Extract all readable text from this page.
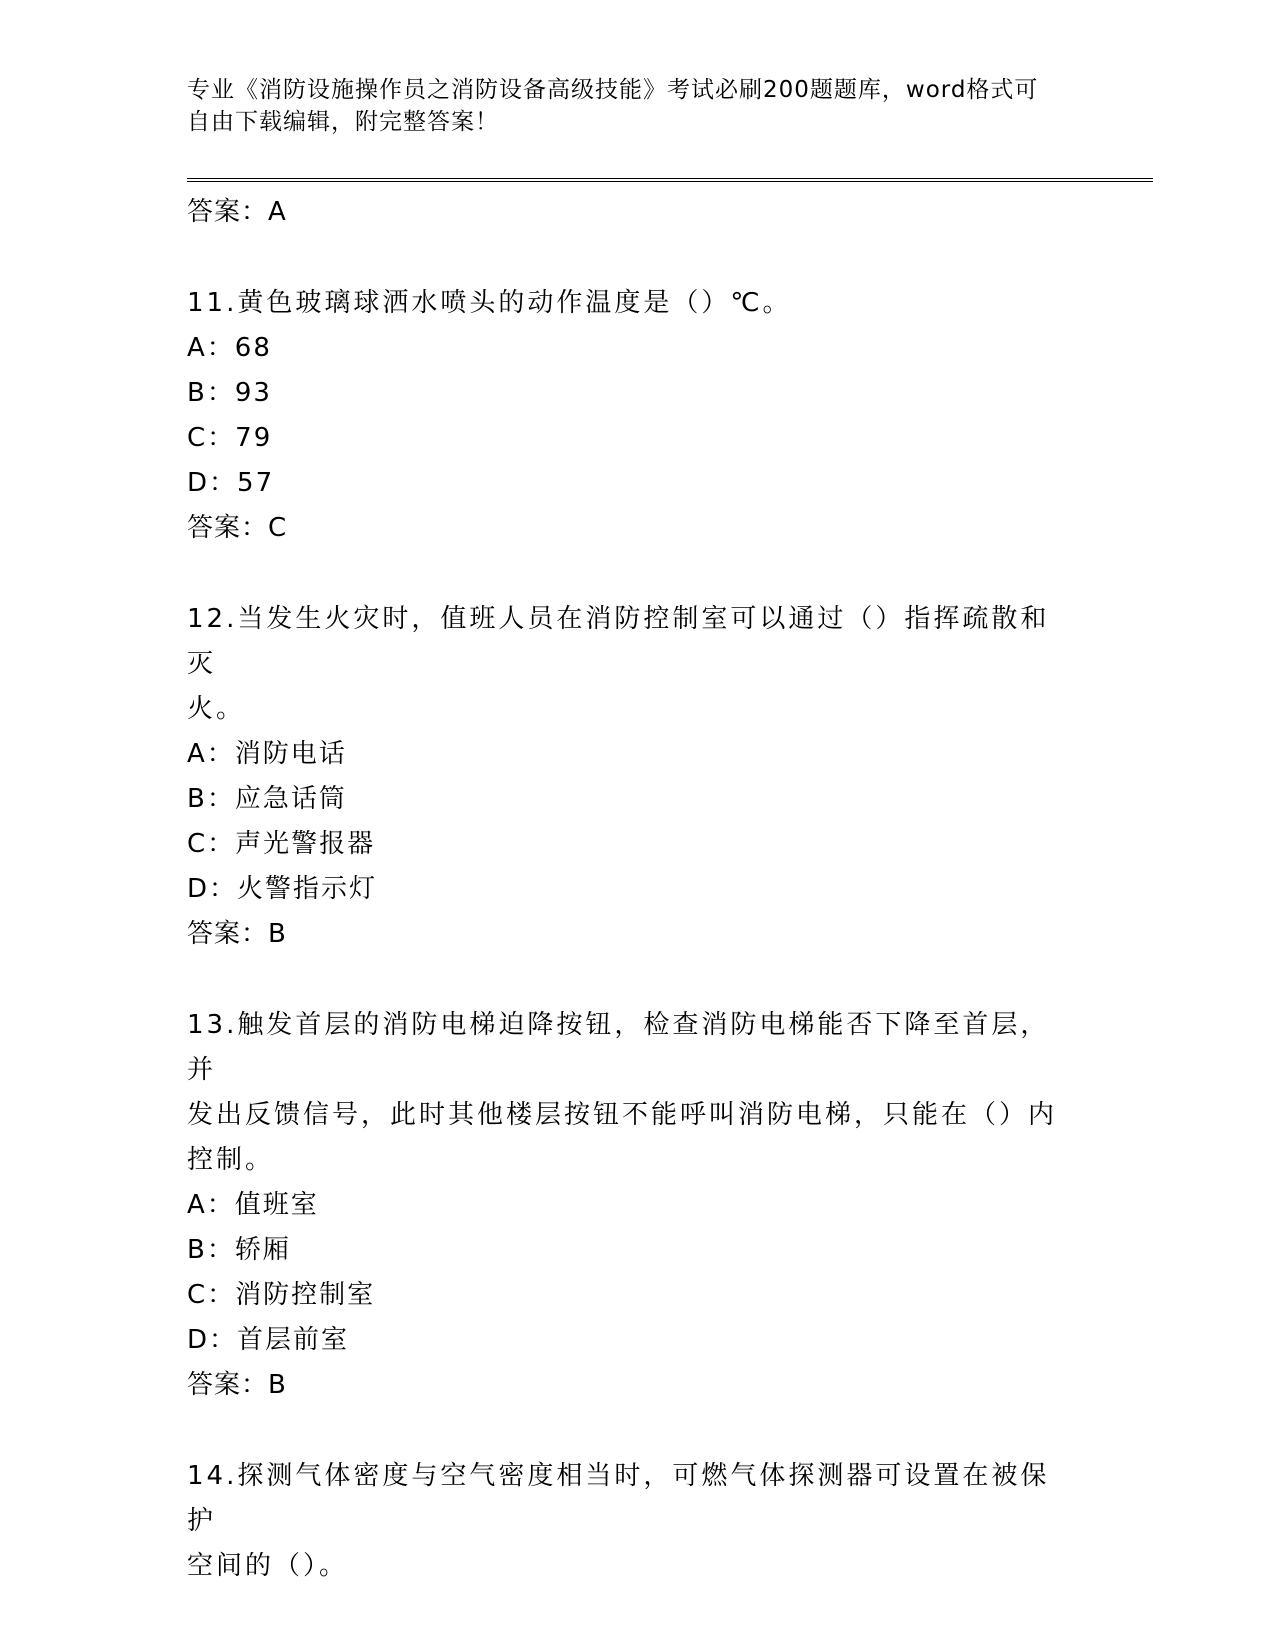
专业《消防设施操作员之消防设备高级技能》考试必刷200题题库，word格式可
自由下载编辑，附完整答案！

答案：A

11.黄色玻璃球洒水喷头的动作温度是（）℃。

A：68

B：93

C：79

D：57

答案：C

12.当发生火灾时，值班人员在消防控制室可以通过（）指挥疏散和灭
火。

A：消防电话

B：应急话筒

C：声光警报器

D：火警指示灯

答案：B

13.触发首层的消防电梯迫降按钮，检查消防电梯能否下降至首层，并
发出反馈信号，此时其他楼层按钮不能呼叫消防电梯，只能在（）内
控制。

A：值班室

B：轿厢

C：消防控制室

D：首层前室

答案：B

14.探测气体密度与空气密度相当时，可燃气体探测器可设置在被保护
空间的（）。
